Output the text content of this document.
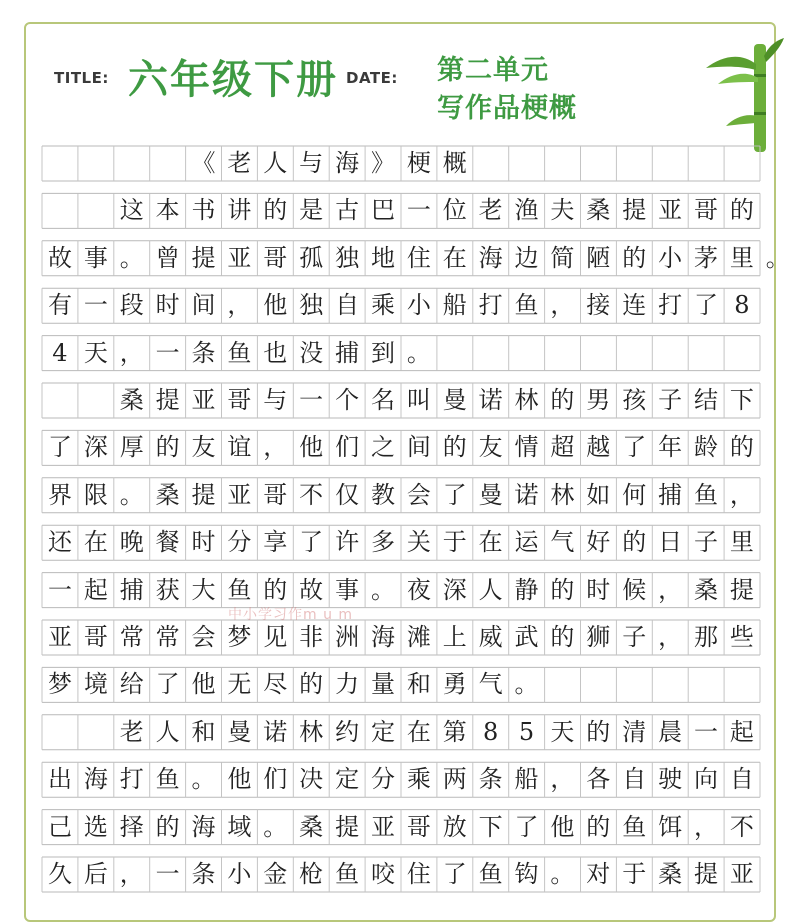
TITLE: 六年级下册 DATE: 第二单元
写作品梗概

《 老 人 与 海 》 梗 概

这 本 书 讲 的 是 古 巴 一 位 老 渔 夫 桑 提 亚 哥 的
故 事 。 曾 提 亚 哥 孤 独 地 住 在 海 边 简 陋 的 小 茅 里 。
有 一 段 时 间 ， 他 独 自 乘 小 船 打 鱼 ， 接 连 打 了 8
4 天 ， 一 条 鱼 也 没 捕 到 。

桑 提 亚 哥 与 一 个 名 叫 曼 诺 林 的 男 孩 子 结 下
了 深 厚 的 友 谊 ， 他 们 之 间 的 友 情 超 越 了 年 龄 的
界 限 。 桑 提 亚 哥 不 仅 教 会 了 曼 诺 林 如 何 捕 鱼 ，
还 在 晚 餐 时 分 享 了 许 多 关 于 在 运 气 好 的 日 子 里
一 起 捕 获 大 鱼 的 故 事 。 夜 深 人 静 的 时 候 ， 桑 提
亚 哥 常 常 会 梦 见 非 洲 海 滩 上 威 武 的 狮 子 ， 那 些
梦 境 给 了 他 无 尽 的 力 量 和 勇 气 。

老 人 和 曼 诺 林 约 定 在 第 8 5 天 的 清 晨 一 起
出 海 打 鱼 。 他 们 决 定 分 乘 两 条 船 ， 各 自 驶 向 自
己 选 择 的 海 域 。 桑 提 亚 哥 放 下 了 他 的 鱼 饵 ， 不
久 后 ， 一 条 小 金 枪 鱼 咬 住 了 鱼 钩 。 对 于 桑 提 亚
中小学习作m u m
